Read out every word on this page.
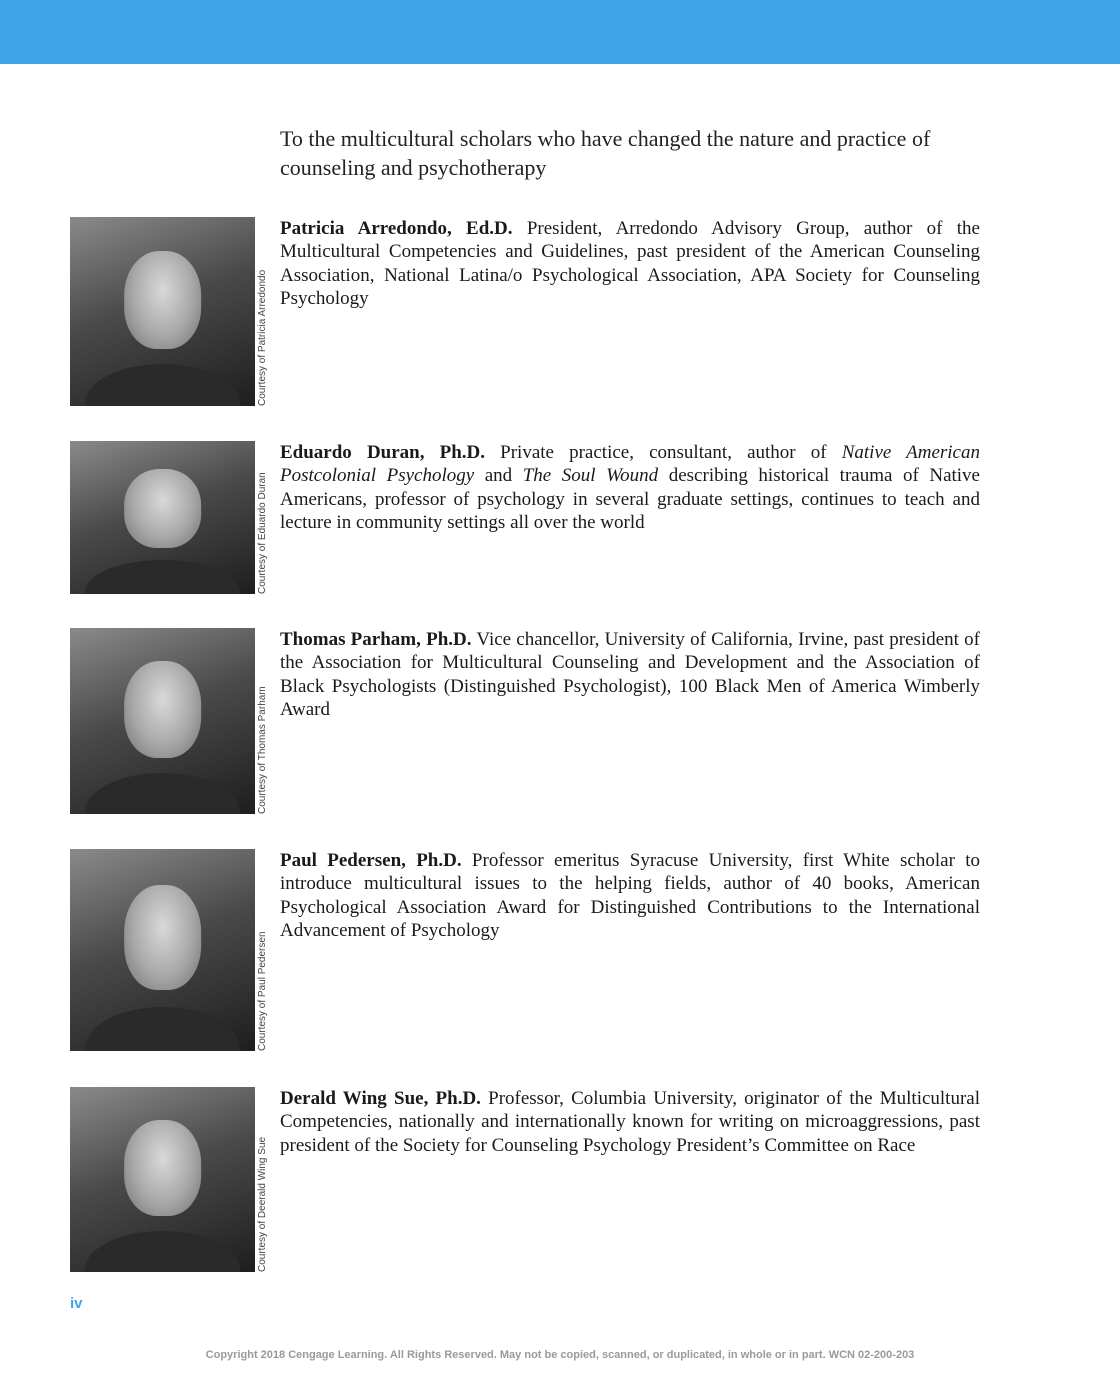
To the multicultural scholars who have changed the nature and practice of counseling and psychotherapy
Courtesy of Patricia Arredondo
Patricia Arredondo, Ed.D. President, Arredondo Advisory Group, author of the Multicultural Competencies and Guidelines, past president of the American Counseling Association, National Latina/o Psychological Association, APA Society for Counseling Psychology
Courtesy of Eduardo Duran
Eduardo Duran, Ph.D. Private practice, consultant, author of Native American Postcolonial Psychology and The Soul Wound describing historical trauma of Native Americans, professor of psychology in several graduate settings, continues to teach and lecture in community settings all over the world
Courtesy of Thomas Parham
Thomas Parham, Ph.D. Vice chancellor, University of California, Irvine, past president of the Association for Multicultural Counseling and Development and the Association of Black Psychologists (Distinguished Psychologist), 100 Black Men of America Wimberly Award
Courtesy of Paul Pedersen
Paul Pedersen, Ph.D. Professor emeritus Syracuse University, first White scholar to introduce multicultural issues to the helping fields, author of 40 books, American Psychological Association Award for Distinguished Contributions to the International Advancement of Psychology
Courtesy of Deerald Wing Sue
Derald Wing Sue, Ph.D. Professor, Columbia University, originator of the Multicultural Competencies, nationally and internationally known for writing on microaggressions, past president of the Society for Counseling Psychology President’s Committee on Race
iv
Copyright 2018 Cengage Learning. All Rights Reserved. May not be copied, scanned, or duplicated, in whole or in part. WCN 02-200-203
